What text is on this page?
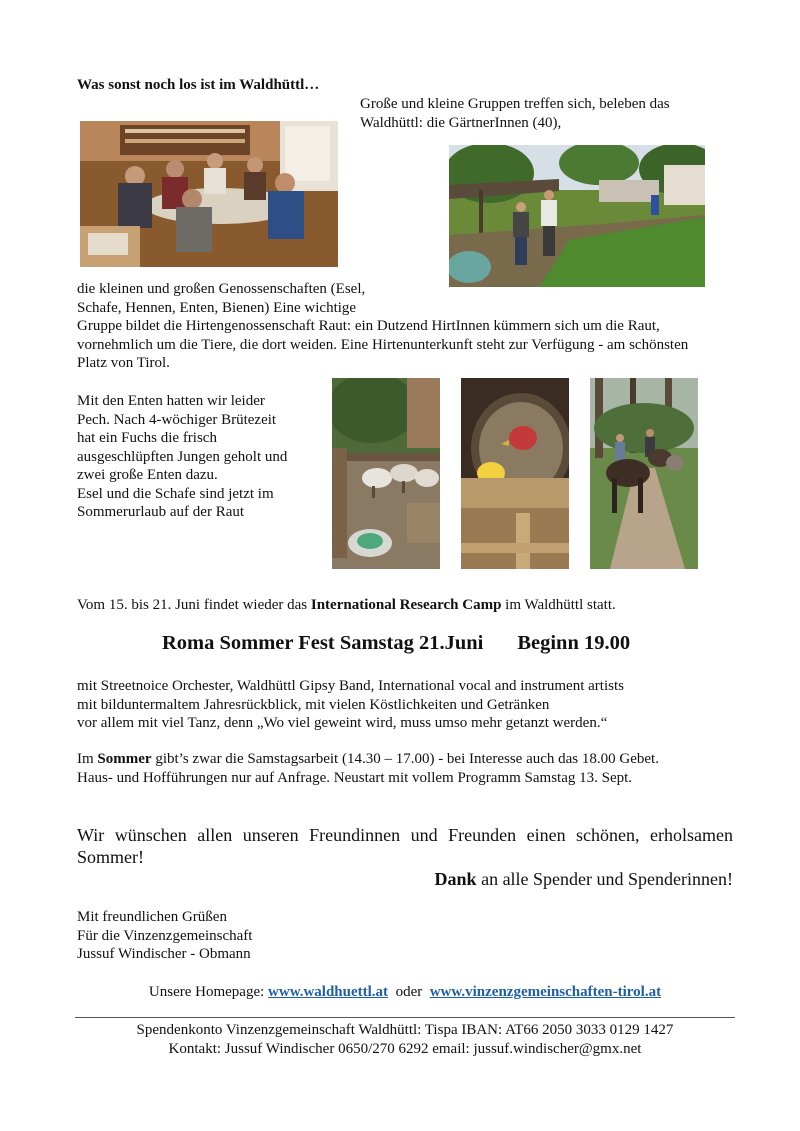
Was sonst noch los ist im Waldhüttl…
Große und kleine Gruppen treffen sich, beleben das
Waldhüttl: die GärtnerInnen (40),
die kleinen und großen Genossenschaften (Esel,
Schafe, Hennen, Enten, Bienen) Eine wichtige
Gruppe bildet die Hirtengenossenschaft Raut: ein Dutzend HirtInnen kümmern sich um die Raut,
vornehmlich um die Tiere, die dort weiden. Eine Hirtenunterkunft steht zur Verfügung - am schönsten
Platz von Tirol.
Mit den Enten hatten wir leider
Pech. Nach 4-wöchiger Brütezeit
hat ein Fuchs die frisch
ausgeschlüpften Jungen geholt und
zwei große Enten dazu.
Esel und die Schafe sind jetzt im
Sommerurlaub auf der Raut
Vom 15. bis 21. Juni findet wieder das International Research Camp im Waldhüttl statt.
Roma Sommer Fest Samstag 21.Juni Beginn 19.00
mit Streetnoice Orchester, Waldhüttl Gipsy Band, International vocal and instrument artists
mit bilduntermaltem Jahresrückblick, mit vielen Köstlichkeiten und Getränken
vor allem mit viel Tanz, denn „Wo viel geweint wird, muss umso mehr getanzt werden.“
Im Sommer gibt’s zwar die Samstagsarbeit (14.30 – 17.00) - bei Interesse auch das 18.00 Gebet.
Haus- und Hofführungen nur auf Anfrage. Neustart mit vollem Programm Samstag 13. Sept.
Wir wünschen allen unseren Freundinnen und Freunden einen schönen, erholsamen Sommer!
Dank an alle Spender und Spenderinnen!
Mit freundlichen Grüßen
Für die Vinzenzgemeinschaft
Jussuf Windischer - Obmann
Unsere Homepage: www.waldhuettl.at  oder  www.vinzenzgemeinschaften-tirol.at
Spendenkonto Vinzenzgemeinschaft Waldhüttl: Tispa IBAN: AT66 2050 3033 0129 1427
Kontakt: Jussuf Windischer 0650/270 6292 email: jussuf.windischer@gmx.net
